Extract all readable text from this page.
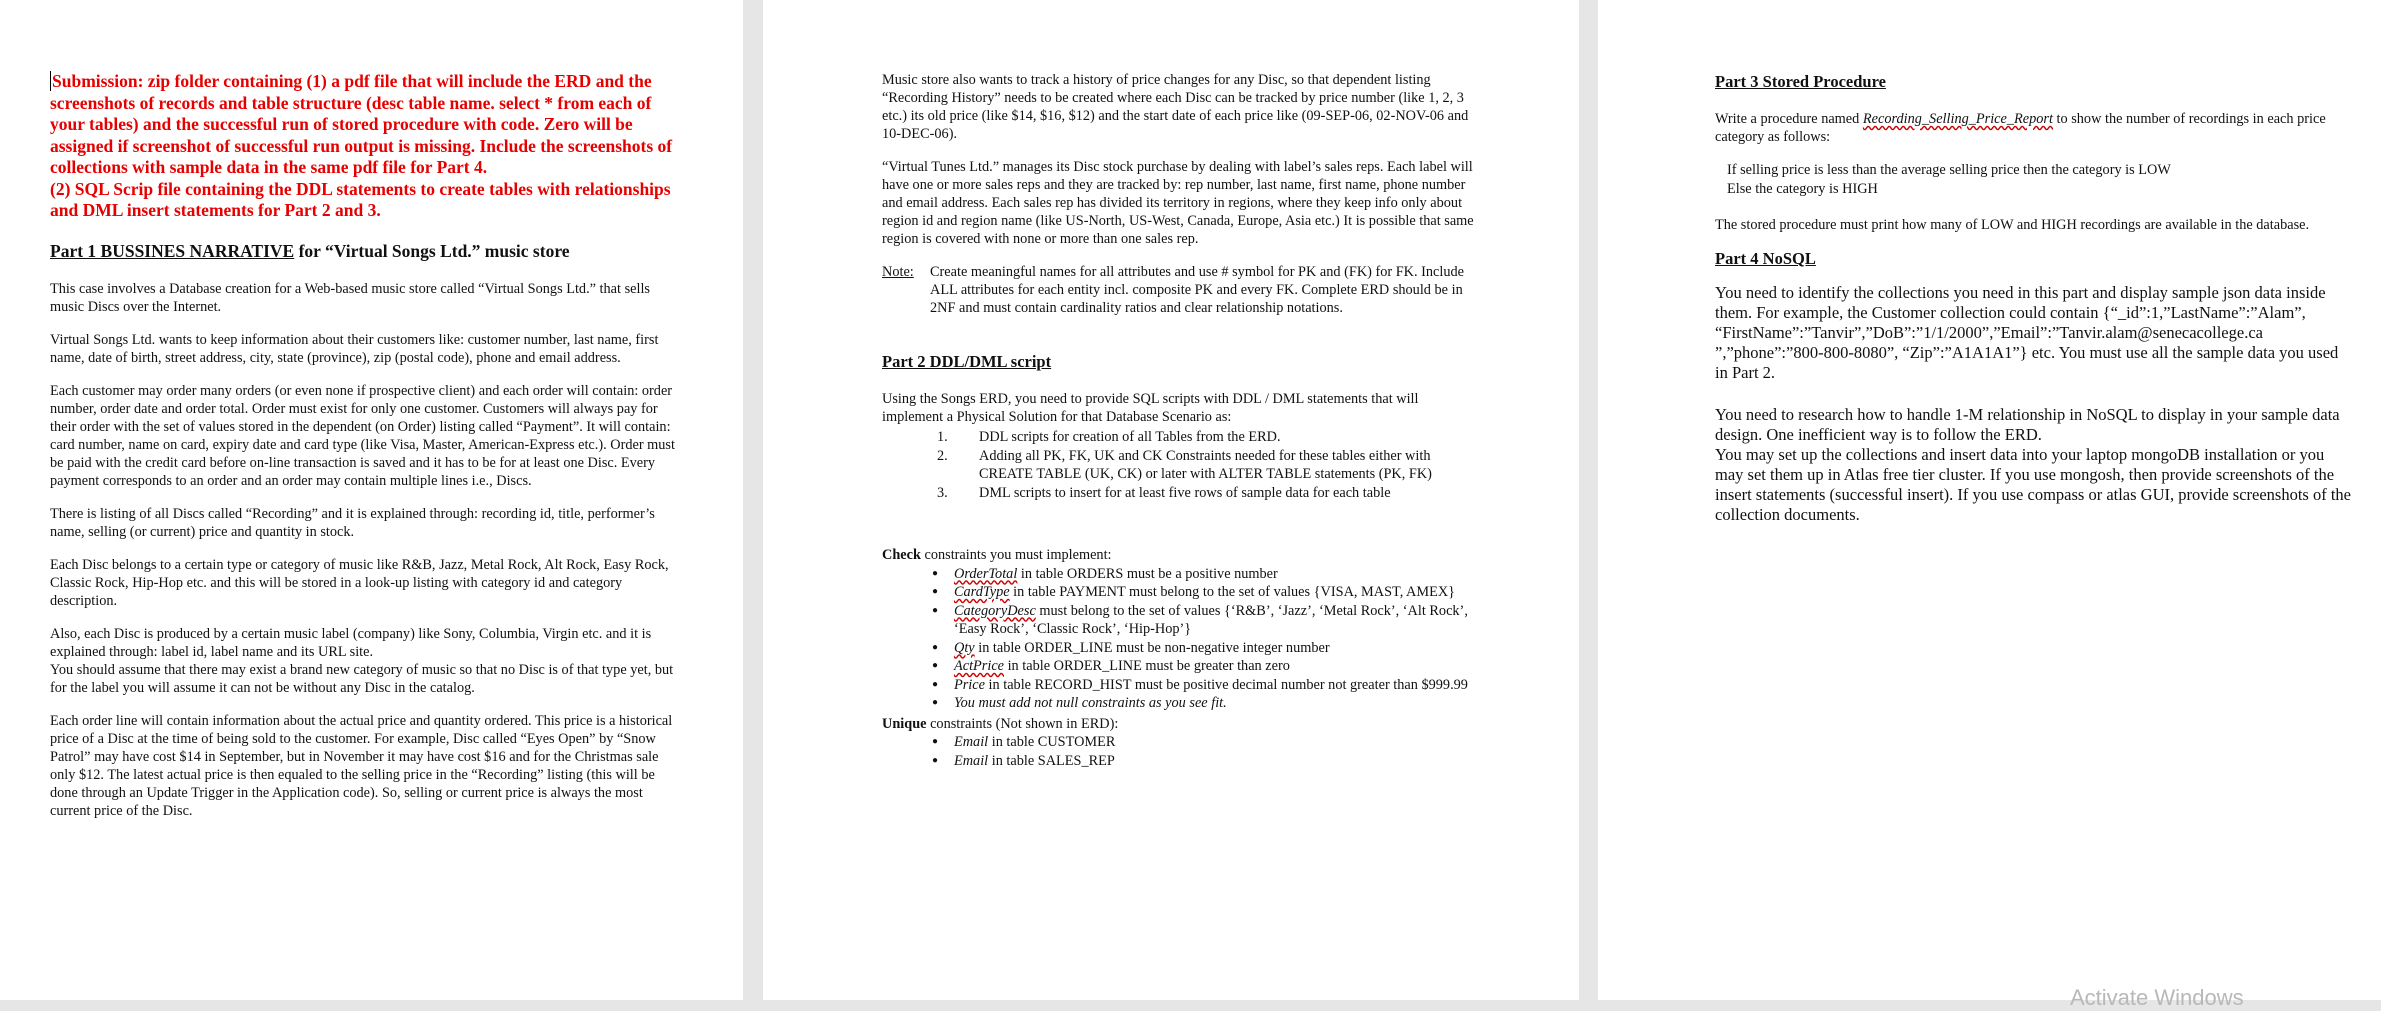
Submission: zip folder containing (1) a pdf file that will include the ERD and the screenshots of records and table structure (desc table name. select * from each of your tables) and the successful run of stored procedure with code. Zero will be assigned if screenshot of successful run output is missing. Include the screenshots of collections with sample data in the same pdf file for Part 4.
(2) SQL Scrip file containing the DDL statements to create tables with relationships and DML insert statements for Part 2 and 3.
Part 1 BUSSINES NARRATIVE for “Virtual Songs Ltd.” music store

This case involves a Database creation for a Web-based music store called “Virtual Songs Ltd.” that sells music Discs over the Internet.

Virtual Songs Ltd. wants to keep information about their customers like: customer number, last name, first name, date of birth, street address, city, state (province), zip (postal code), phone and email address.

Each customer may order many orders (or even none if prospective client) and each order will contain: order number, order date and order total. Order must exist for only one customer. Customers will always pay for their order with the set of values stored in the dependent (on Order) listing called “Payment”. It will contain: card number, name on card, expiry date and card type (like Visa, Master, American-Express etc.). Order must be paid with the credit card before on-line transaction is saved and it has to be for at least one Disc. Every payment corresponds to an order and an order may contain multiple lines i.e., Discs.

There is listing of all Discs called “Recording” and it is explained through: recording id, title, performer’s name, selling (or current) price and quantity in stock.

Each Disc belongs to a certain type or category of music like R&B, Jazz, Metal Rock, Alt Rock, Easy Rock, Classic Rock, Hip-Hop etc. and this will be stored in a look-up listing with category id and category description.

Also, each Disc is produced by a certain music label (company) like Sony, Columbia, Virgin etc. and it is explained through: label id, label name and its URL site.
You should assume that there may exist a brand new category of music so that no Disc is of that type yet, but for the label you will assume it can not be without any Disc in the catalog.

Each order line will contain information about the actual price and quantity ordered. This price is a historical price of a Disc at the time of being sold to the customer. For example, Disc called “Eyes Open” by “Snow Patrol” may have cost $14 in September, but in November it may have cost $16 and for the Christmas sale only $12. The latest actual price is then equaled to the selling price in the “Recording” listing (this will be done through an Update Trigger in the Application code). So, selling or current price is always the most current price of the Disc.

Music store also wants to track a history of price changes for any Disc, so that dependent listing “Recording History” needs to be created where each Disc can be tracked by price number (like 1, 2, 3 etc.) its old price (like $14, $16, $12) and the start date of each price like (09-SEP-06, 02-NOV-06 and 10-DEC-06).

“Virtual Tunes Ltd.” manages its Disc stock purchase by dealing with label’s sales reps. Each label will have one or more sales reps and they are tracked by: rep number, last name, first name, phone number and email address. Each sales rep has divided its territory in regions, where they keep info only about region id and region name (like US-North, US-West, Canada, Europe, Asia etc.) It is possible that same region is covered with none or more than one sales rep.

Note:	Create meaningful names for all attributes and use # symbol for PK and (FK) for FK. Include ALL attributes for each entity incl. composite PK and every FK. Complete ERD should be in 2NF and must contain cardinality ratios and clear relationship notations.
Part 2 DDL/DML script

Using the Songs ERD, you need to provide SQL scripts with DDL / DML statements that will implement a Physical Solution for that Database Scenario as:

1.	DDL scripts for creation of all Tables from the ERD.
2.	Adding all PK, FK, UK and CK Constraints needed for these tables either with CREATE TABLE (UK, CK) or later with ALTER TABLE statements (PK, FK)
3.	DML scripts to insert for at least five rows of sample data for each table
Check constraints you must implement:
● OrderTotal in table ORDERS must be a positive number
● CardType in table PAYMENT must belong to the set of values {VISA, MAST, AMEX}
● CategoryDesc must belong to the set of values {‘R&B’, ‘Jazz’, ‘Metal Rock’, ‘Alt Rock’, ‘Easy Rock’, ‘Classic Rock’, ‘Hip-Hop’}
● Qty in table ORDER_LINE must be non-negative integer number
● ActPrice in table ORDER_LINE must be greater than zero
● Price in table RECORD_HIST must be positive decimal number not greater than $999.99
● You must add not null constraints as you see fit.
Unique constraints (Not shown in ERD):
● Email in table CUSTOMER
● Email in table SALES_REP
Part 3 Stored Procedure

Write a procedure named Recording_Selling_Price_Report to show the number of recordings in each price category as follows:

If selling price is less than the average selling price then the category is LOW
Else the category is HIGH

The stored procedure must print how many of LOW and HIGH recordings are available in the database.

Part 4 NoSQL

You need to identify the collections you need in this part and display sample json data inside them. For example, the Customer collection could contain {“_id”:1,”LastName”:”Alam”, “FirstName”:”Tanvir”,”DoB”:”1/1/2000”,”Email”:”Tanvir.alam@senecacollege.ca ”,”phone”:”800-800-8080”, “Zip”:”A1A1A1”} etc. You must use all the sample data you used in Part 2.

You need to research how to handle 1-M relationship in NoSQL to display in your sample data design. One inefficient way is to follow the ERD.
You may set up the collections and insert data into your laptop mongoDB installation or you may set them up in Atlas free tier cluster. If you use mongosh, then provide screenshots of the insert statements (successful insert). If you use compass or atlas GUI, provide screenshots of the collection documents.

Activate Windows
